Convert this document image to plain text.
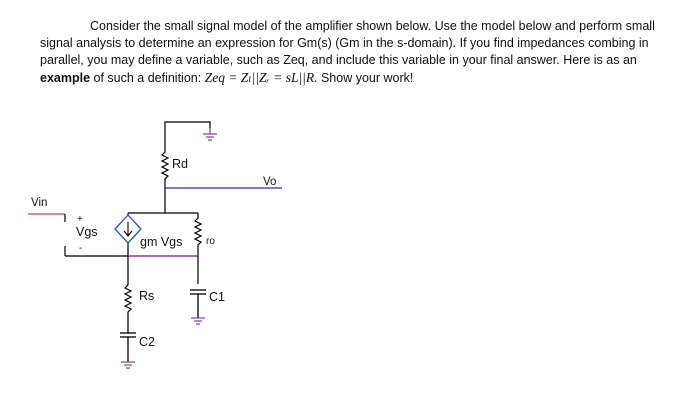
Consider the small signal model of the amplifier shown below. Use the model below and perform small signal analysis to determine an expression for Gm(s) (Gm in the s-domain). If you find impedances combing in parallel, you may define a variable, such as Zeq, and include this variable in your final answer. Here is as an example of such a definition: Zeq = Zₗ||Zᵣ = sL||R. Show your work!
Rd
Vo
gm Vgs ro
Vin
+
Vgs
-
Rs	C1
C2
